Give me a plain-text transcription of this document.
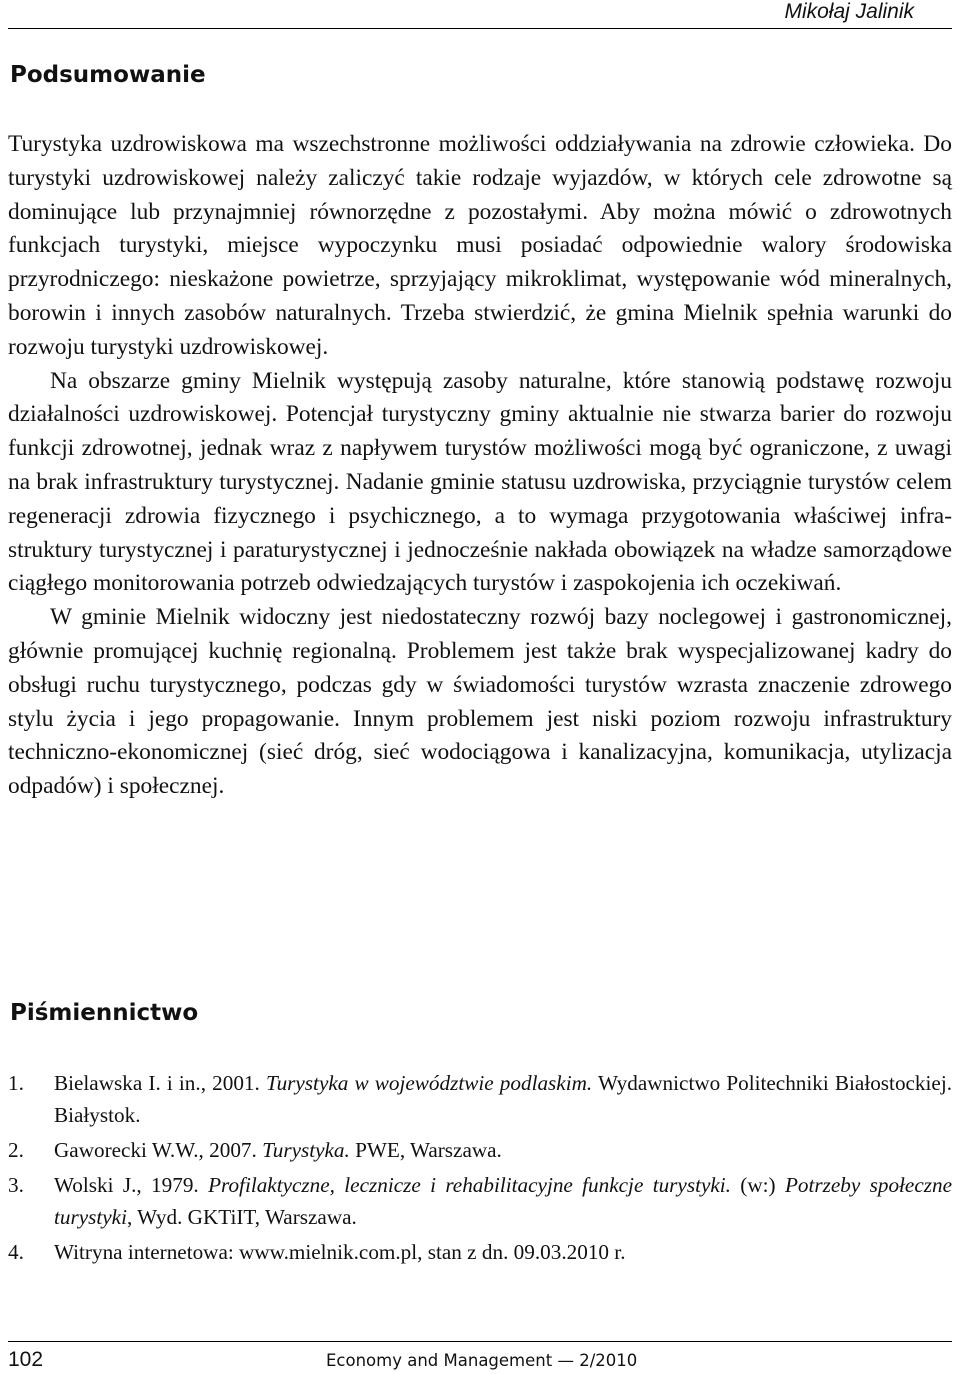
Mikołaj Jalinik
Podsumowanie

Turystyka uzdrowiskowa ma wszechstronne możliwości oddziaływania na zdrowie człowieka. Do turystyki uzdrowiskowej należy zaliczyć takie rodzaje wyjazdów, w których cele zdrowotne są dominujące lub przynajmniej równorzędne z pozostałymi. Aby można mówić o zdrowotnych funkcjach turystyki, miejsce wypoczynku musi posiadać odpowiednie walory środowiska przyrodniczego: nieskażone powietrze, sprzyjający mikroklimat, występowanie wód mineralnych, borowin i innych zasobów naturalnych. Trzeba stwierdzić, że gmina Mielnik spełnia warunki do rozwoju turystyki uzdrowiskowej.

Na obszarze gminy Mielnik występują zasoby naturalne, które stanowią podstawę rozwoju działalności uzdrowiskowej. Potencjał turystyczny gminy aktualnie nie stwarza barier do rozwoju funkcji zdrowotnej, jednak wraz z napływem turystów możliwości mogą być ograniczone, z uwagi na brak infrastruktury turystycznej. Nadanie gminie statusu uzdrowiska, przyciągnie turystów celem regeneracji zdrowia fizycznego i psychicznego, a to wymaga przygotowania właściwej infrastruktury turystycznej i paraturystycznej i jednocześnie nakłada obowiązek na władze samorządowe ciągłego monitorowania potrzeb odwiedzających turystów i zaspokojenia ich oczekiwań.

W gminie Mielnik widoczny jest niedostateczny rozwój bazy noclegowej i gastronomicznej, głównie promującej kuchnię regionalną. Problemem jest także brak wyspecjalizowanej kadry do obsługi ruchu turystycznego, podczas gdy w świadomości turystów wzrasta znaczenie zdrowego stylu życia i jego propagowanie. Innym problemem jest niski poziom rozwoju infrastruktury techniczno-ekonomicznej (sieć dróg, sieć wodociągowa i kanalizacyjna, komunikacja, utylizacja odpadów) i społecznej.

Piśmiennictwo
1. Bielawska I. i in., 2001. Turystyka w województwie podlaskim. Wydawnictwo Politechniki Białostockiej. Białystok.
2. Gaworecki W.W., 2007. Turystyka. PWE, Warszawa.
3. Wolski J., 1979. Profilaktyczne, lecznicze i rehabilitacyjne funkcje turystyki. (w:) Potrzeby społeczne turystyki, Wyd. GKTiIT, Warszawa.
4. Witryna internetowa: www.mielnik.com.pl, stan z dn. 09.03.2010 r.
102	Economy and Management — 2/2010
